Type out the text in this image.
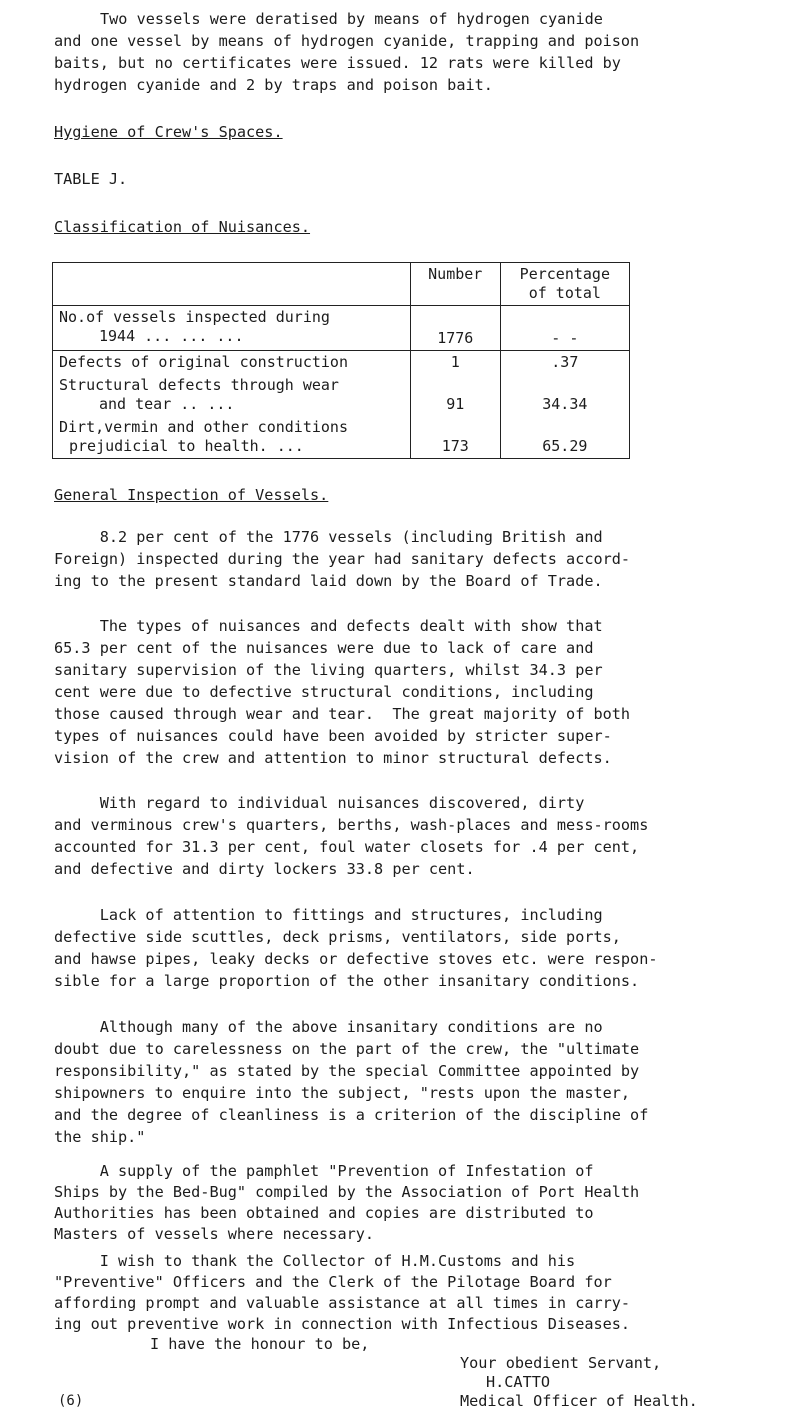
Two vessels were deratised by means of hydrogen cyanide
and one vessel by means of hydrogen cyanide, trapping and poison
baits, but no certificates were issued. 12 rats were killed by
hydrogen cyanide and 2 by traps and poison bait.
Hygiene of Crew's Spaces.
TABLE J.
Classification of Nuisances.
	Number	Percentage of total

No.of vessels inspected during
1944 ... ... ...	1776	- -

Defects of original construction	1	.37

Structural defects through wear
and tear .. ...	91	34.34

Dirt,vermin and other conditions
prejudicial to health. ...	173	65.29
General Inspection of Vessels.
8.2 per cent of the 1776 vessels (including British and
Foreign) inspected during the year had sanitary defects accord-
ing to the present standard laid down by the Board of Trade.
The types of nuisances and defects dealt with show that
65.3 per cent of the nuisances were due to lack of care and
sanitary supervision of the living quarters, whilst 34.3 per
cent were due to defective structural conditions, including
those caused through wear and tear.  The great majority of both
types of nuisances could have been avoided by stricter super-
vision of the crew and attention to minor structural defects.
With regard to individual nuisances discovered, dirty
and verminous crew's quarters, berths, wash-places and mess-rooms
accounted for 31.3 per cent, foul water closets for .4 per cent,
and defective and dirty lockers 33.8 per cent.
Lack of attention to fittings and structures, including
defective side scuttles, deck prisms, ventilators, side ports,
and hawse pipes, leaky decks or defective stoves etc. were respon-
sible for a large proportion of the other insanitary conditions.
Although many of the above insanitary conditions are no
doubt due to carelessness on the part of the crew, the "ultimate
responsibility," as stated by the special Committee appointed by
shipowners to enquire into the subject, "rests upon the master,
and the degree of cleanliness is a criterion of the discipline of
the ship."
A supply of the pamphlet "Prevention of Infestation of
Ships by the Bed-Bug" compiled by the Association of Port Health
Authorities has been obtained and copies are distributed to
Masters of vessels where necessary.
I wish to thank the Collector of H.M.Customs and his
"Preventive" Officers and the Clerk of the Pilotage Board for
affording prompt and valuable assistance at all times in carry-
ing out preventive work in connection with Infectious Diseases.
I have the honour to be,
Your obedient Servant,
H.CATTO
Medical Officer of Health.
(6)
